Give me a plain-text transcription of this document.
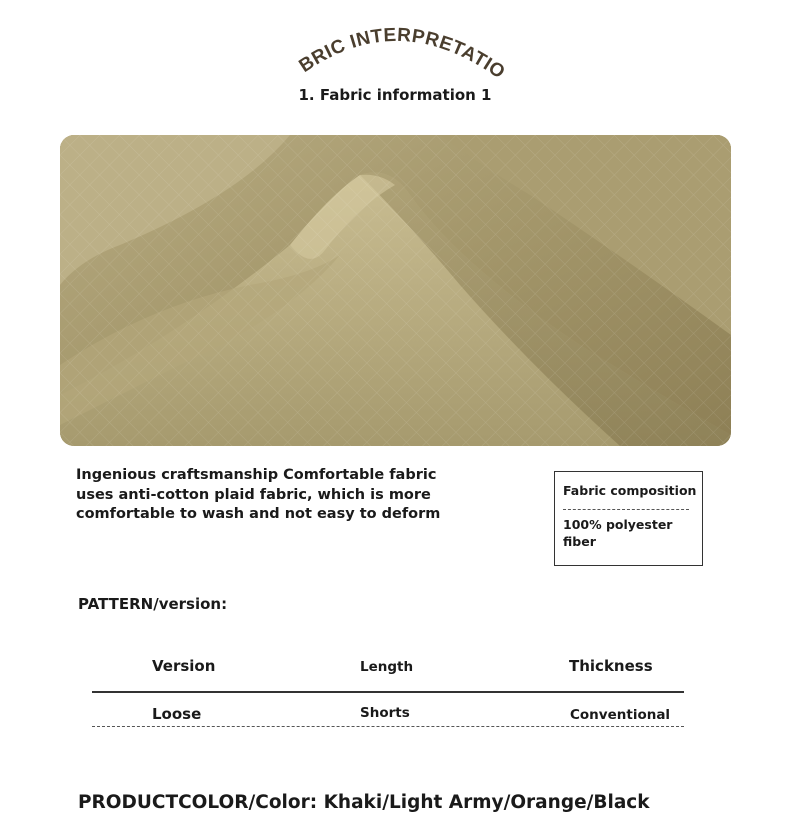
BRIC INTERPRETATIO
1. Fabric information 1
Ingenious craftsmanship Comfortable fabric uses anti-cotton plaid fabric, which is more comfortable to wash and not easy to deform
Fabric composition
100% polyester fiber
PATTERN/version:
Version	Length	Thickness
Loose	Shorts	Conventional
PRODUCTCOLOR/Color: Khaki/Light Army/Orange/Black
